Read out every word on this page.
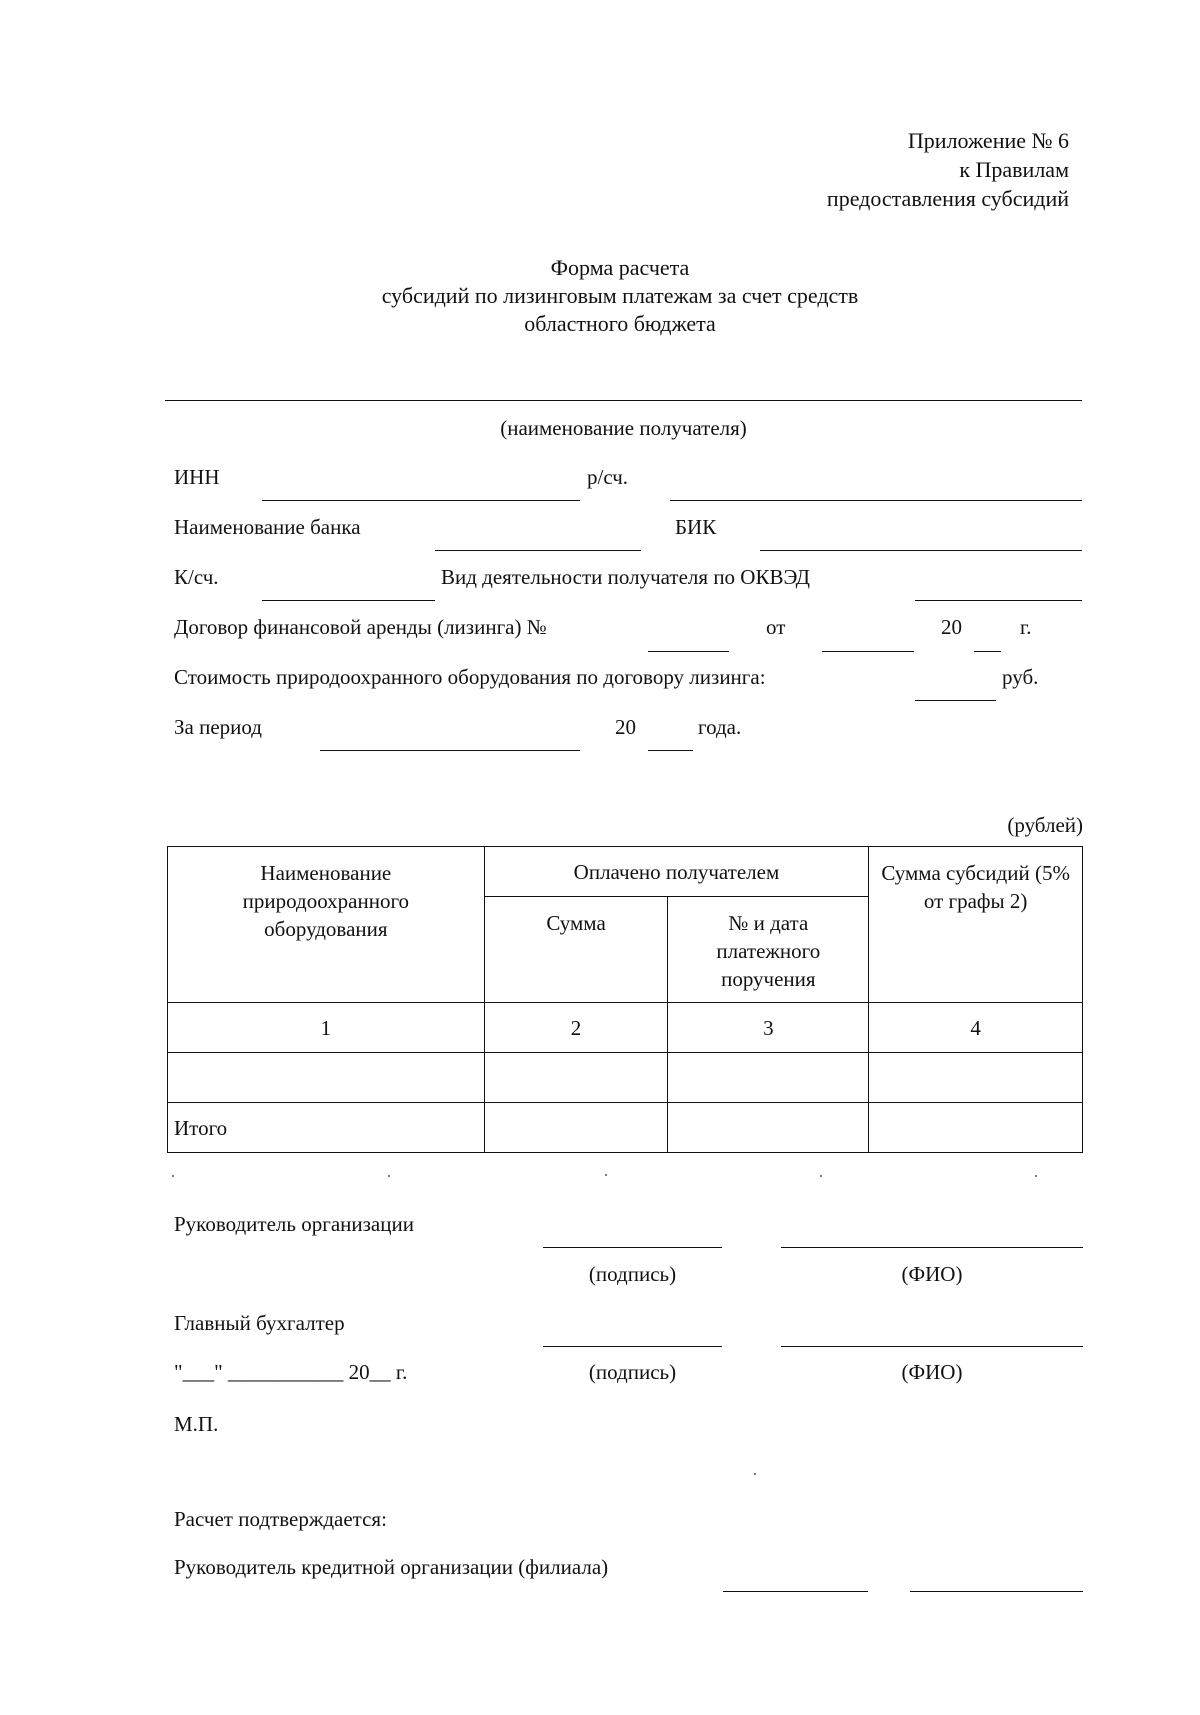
Приложение № 6
к Правилам
предоставления субсидий
Форма расчета
субсидий по лизинговым платежам за счет средств
областного бюджета
(наименование получателя)
ИНН	р/сч.
Наименование банка	БИК
К/сч.	Вид деятельности получателя по ОКВЭД
Договор финансовой аренды (лизинга) №	от	20	г.
Стоимость природоохранного оборудования по договору лизинга:	руб.
За период	20	года.
(рублей)
Наименование природоохранного оборудования	Оплачено получателем		Сумма субсидий (5% от графы 2)
	Сумма	№ и дата платежного поручения	
1	2	3	4

Итого			
Руководитель организации
(подпись)	(ФИО)
Главный бухгалтер
"___" ___________ 20__ г.	(подпись)	(ФИО)
М.П.
Расчет подтверждается:
Руководитель кредитной организации (филиала)
